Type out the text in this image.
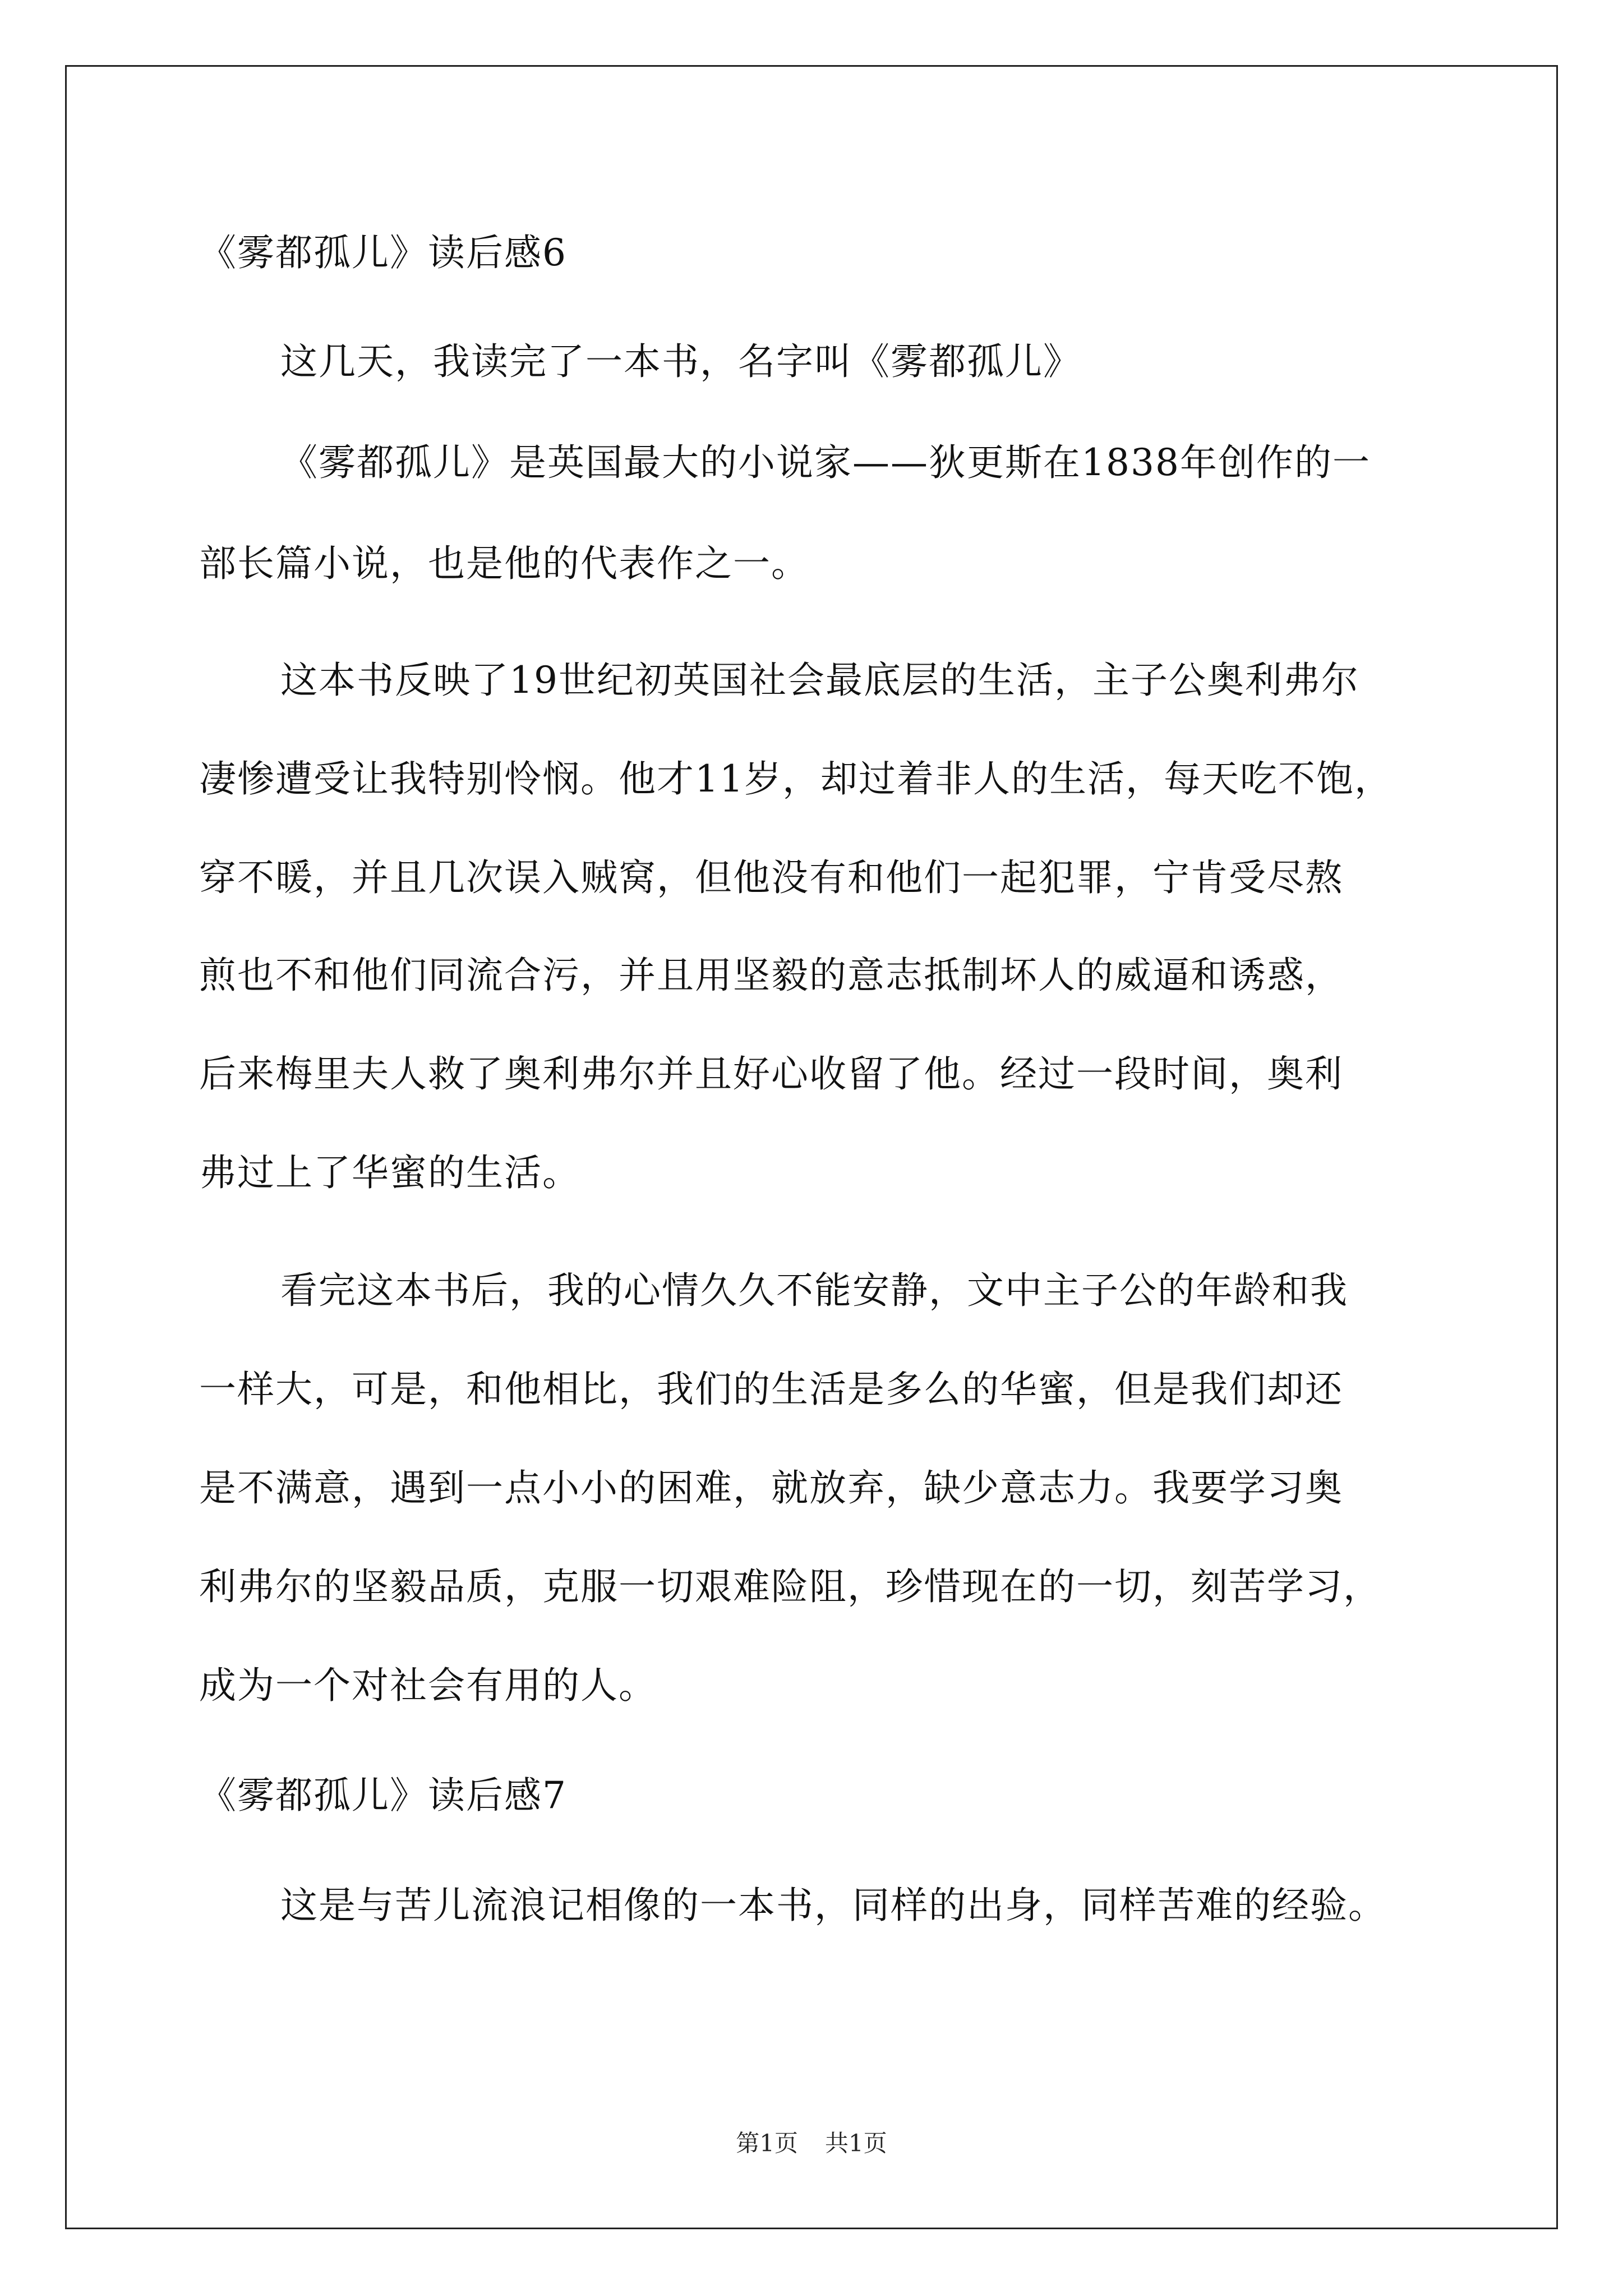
《雾都孤儿》读后感6
这几天，我读完了一本书，名字叫《雾都孤儿》
《雾都孤儿》是英国最大的小说家——狄更斯在1838年创作的一
部长篇小说，也是他的代表作之一。
这本书反映了19世纪初英国社会最底层的生活，主子公奥利弗尔
凄惨遭受让我特别怜悯。他才11岁，却过着非人的生活，每天吃不饱，
穿不暖，并且几次误入贼窝，但他没有和他们一起犯罪，宁肯受尽熬
煎也不和他们同流合污，并且用坚毅的意志抵制坏人的威逼和诱惑，
后来梅里夫人救了奥利弗尔并且好心收留了他。经过一段时间，奥利
弗过上了华蜜的生活。
看完这本书后，我的心情久久不能安静，文中主子公的年龄和我
一样大，可是，和他相比，我们的生活是多么的华蜜，但是我们却还
是不满意，遇到一点小小的困难，就放弃，缺少意志力。我要学习奥
利弗尔的坚毅品质，克服一切艰难险阻，珍惜现在的一切，刻苦学习，
成为一个对社会有用的人。
《雾都孤儿》读后感7
这是与苦儿流浪记相像的一本书，同样的出身，同样苦难的经验。
第1页 共1页
